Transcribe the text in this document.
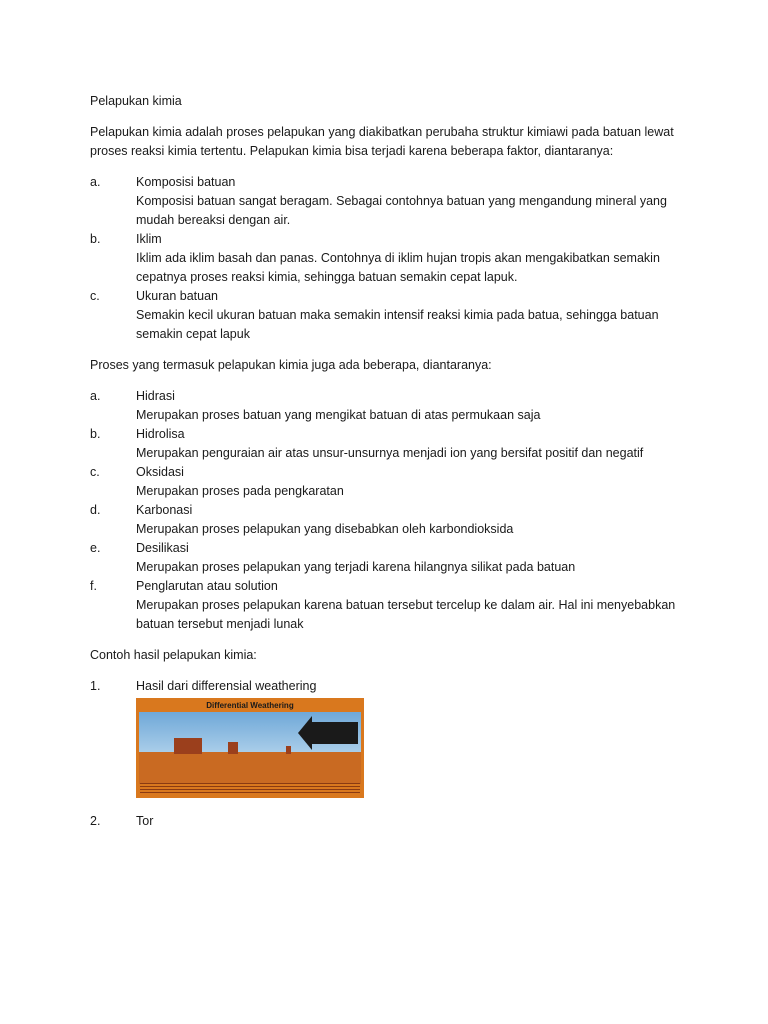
Pelapukan kimia

Pelapukan kimia adalah proses pelapukan yang diakibatkan perubaha struktur kimiawi pada batuan lewat proses reaksi kimia tertentu. Pelapukan kimia bisa terjadi karena beberapa faktor, diantaranya:

a.	Komposisi batuan
Komposisi batuan sangat beragam. Sebagai contohnya batuan yang mengandung mineral yang mudah bereaksi dengan air.
b.	Iklim
Iklim ada iklim basah dan panas. Contohnya di iklim hujan tropis akan mengakibatkan semakin cepatnya proses reaksi kimia, sehingga batuan semakin cepat lapuk.
c.	Ukuran batuan
Semakin kecil ukuran batuan maka semakin intensif reaksi kimia pada batua, sehingga batuan semakin cepat lapuk

Proses yang termasuk pelapukan kimia juga ada beberapa, diantaranya:

a.	Hidrasi
Merupakan proses batuan yang mengikat batuan di atas permukaan saja
b.	Hidrolisa
Merupakan penguraian air atas unsur-unsurnya menjadi ion yang bersifat positif dan negatif
c.	Oksidasi
Merupakan proses pada pengkaratan
d.	Karbonasi
Merupakan proses pelapukan yang disebabkan oleh karbondioksida
e.	Desilikasi
Merupakan proses pelapukan yang terjadi karena hilangnya silikat pada batuan
f.	Penglarutan atau solution
Merupakan proses pelapukan karena batuan tersebut tercelup ke dalam air. Hal ini menyebabkan batuan tersebut menjadi lunak

Contoh hasil pelapukan kimia:

1.	Hasil dari differensial weathering
Differential Weathering
2.	Tor
